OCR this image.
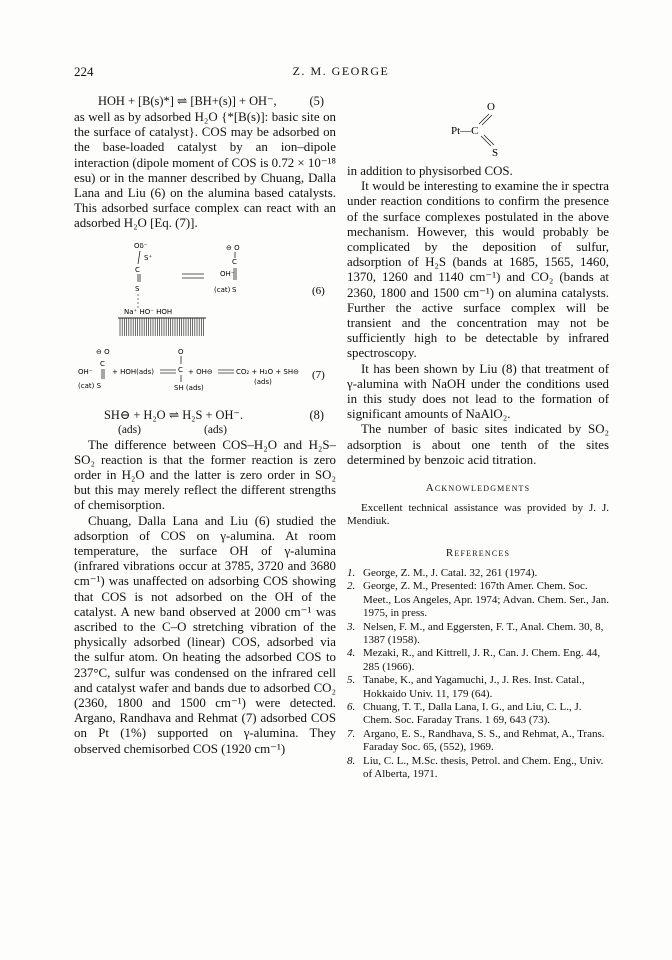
224	Z. M. GEORGE
HOH + [B(s)*] ⇌ [BH+(s)] + OH⁻,	(5)

as well as by adsorbed H₂O {*[B(s)]: basic site on the surface of catalyst}. COS may be adsorbed on the base-loaded catalyst by an ion–dipole interaction (dipole moment of COS is 0.72 × 10⁻¹⁸ esu) or in the manner described by Chuang, Dalla Lana and Liu (6) on the alumina based catalysts. This adsorbed surface complex can react with an adsorbed H₂O [Eq. (7)].

Oδ⁻
S⁺
C
S
⊖ O
C
OH⁻
(cat) S	(6)
Na⁺ HO⁻ HOH
⊖ O
C
OH⁻
(cat) S
+ HOH(ads)
O
C
SH (ads)
+ OH⊖	CO₂ + H₂O + SH⊖
(ads)
(7)
SH⊖ + H₂O ⇌ H₂S + OH⁻.	(8)
(ads)	(ads)

The difference between COS–H₂O and H₂S–SO₂ reaction is that the former reaction is zero order in H₂O and the latter is zero order in SO₂ but this may merely reflect the different strengths of chemisorption.

Chuang, Dalla Lana and Liu (6) studied the adsorption of COS on γ-alumina. At room temperature, the surface OH of γ-alumina (infrared vibrations occur at 3785, 3720 and 3680 cm⁻¹) was unaffected on adsorbing COS showing that COS is not adsorbed on the OH of the catalyst. A new band observed at 2000 cm⁻¹ was ascribed to the C–O stretching vibration of the physically adsorbed (linear) COS, adsorbed via the sulfur atom. On heating the adsorbed COS to 237°C, sulfur was condensed on the infrared cell and catalyst wafer and bands due to adsorbed CO₂ (2360, 1800 and 1500 cm⁻¹) were detected. Argano, Randhava and Rehmat (7) adsorbed COS on Pt (1%) supported on γ-alumina. They observed chemisorbed COS (1920 cm⁻¹)

O
Pt—C
S

in addition to physisorbed COS.

It would be interesting to examine the ir spectra under reaction conditions to confirm the presence of the surface complexes postulated in the above mechanism. However, this would probably be complicated by the deposition of sulfur, adsorption of H₂S (bands at 1685, 1565, 1460, 1370, 1260 and 1140 cm⁻¹) and CO₂ (bands at 2360, 1800 and 1500 cm⁻¹) on alumina catalysts. Further the active surface complex will be transient and the concentration may not be sufficiently high to be detectable by infrared spectroscopy.

It has been shown by Liu (8) that treatment of γ-alumina with NaOH under the conditions used in this study does not lead to the formation of significant amounts of NaAlO₂.

The number of basic sites indicated by SO₂ adsorption is about one tenth of the sites determined by benzoic acid titration.

Acknowledgments

Excellent technical assistance was provided by J. J. Mendiuk.

References

1. George, Z. M., J. Catal. 32, 261 (1974).

2. George, Z. M., Presented: 167th Amer. Chem. Soc. Meet., Los Angeles, Apr. 1974; Advan. Chem. Ser., Jan. 1975, in press.

3. Nelsen, F. M., and Eggersten, F. T., Anal. Chem. 30, 8, 1387 (1958).

4. Mezaki, R., and Kittrell, J. R., Can. J. Chem. Eng. 44, 285 (1966).

5. Tanabe, K., and Yagamuchi, J., J. Res. Inst. Catal., Hokkaido Univ. 11, 179 (64).

6. Chuang, T. T., Dalla Lana, I. G., and Liu, C. L., J. Chem. Soc. Faraday Trans. 1 69, 643 (73).

7. Argano, E. S., Randhava, S. S., and Rehmat, A., Trans. Faraday Soc. 65, (552), 1969.

8. Liu, C. L., M.Sc. thesis, Petrol. and Chem. Eng., Univ. of Alberta, 1971.
